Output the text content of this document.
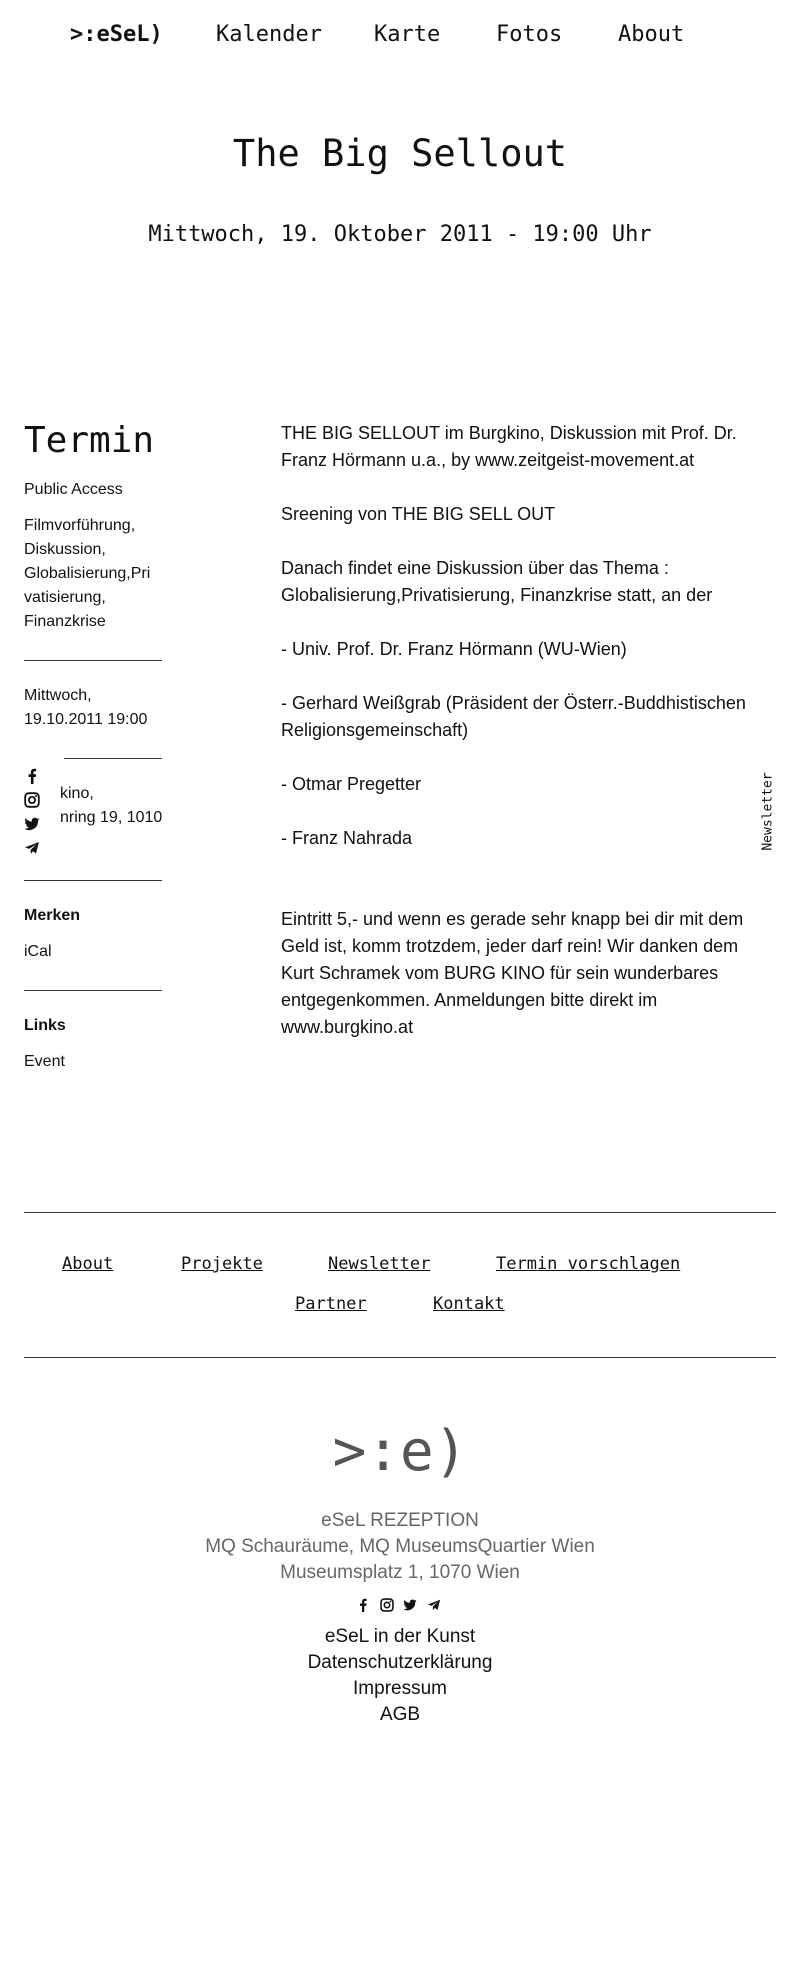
>:eSeL) Kalender Karte	Fotos	About
The Big Sellout
Mittwoch, 19. Oktober 2011 - 19:00 Uhr
Termin
Public Access
Filmvorführung,
Diskussion,
Globalisierung,Pri
vatisierung,
Finanzkrise
Mittwoch,
19.10.2011 19:00
kino,
nring 19, 1010
Merken
iCal
Links
Event

THE BIG SELLOUT im Burgkino, Diskussion mit Prof. Dr. Franz Hörmann u.a., by www.zeitgeist-movement.at

Sreening von THE BIG SELL OUT

Danach findet eine Diskussion über das Thema : Globalisierung,Privatisierung, Finanzkrise statt, an der

- Univ. Prof. Dr. Franz Hörmann (WU-Wien)

- Gerhard Weißgrab (Präsident der Österr.-Buddhistischen Religionsgemeinschaft)

- Otmar Pregetter

- Franz Nahrada

Eintritt 5,- und wenn es gerade sehr knapp bei dir mit dem Geld ist, komm trotzdem, jeder darf rein! Wir danken dem Kurt Schramek vom BURG KINO für sein wunderbares entgegenkommen. Anmeldungen bitte direkt im www.burgkino.at

Newsletter
About	Projekte	Newsletter	Termin vorschlagen
Partner	Kontakt
>:e)
eSeL REZEPTION
MQ Schauräume, MQ MuseumsQuartier Wien
Museumsplatz 1, 1070 Wien
eSeL in der Kunst
Datenschutzerklärung
Impressum
AGB
